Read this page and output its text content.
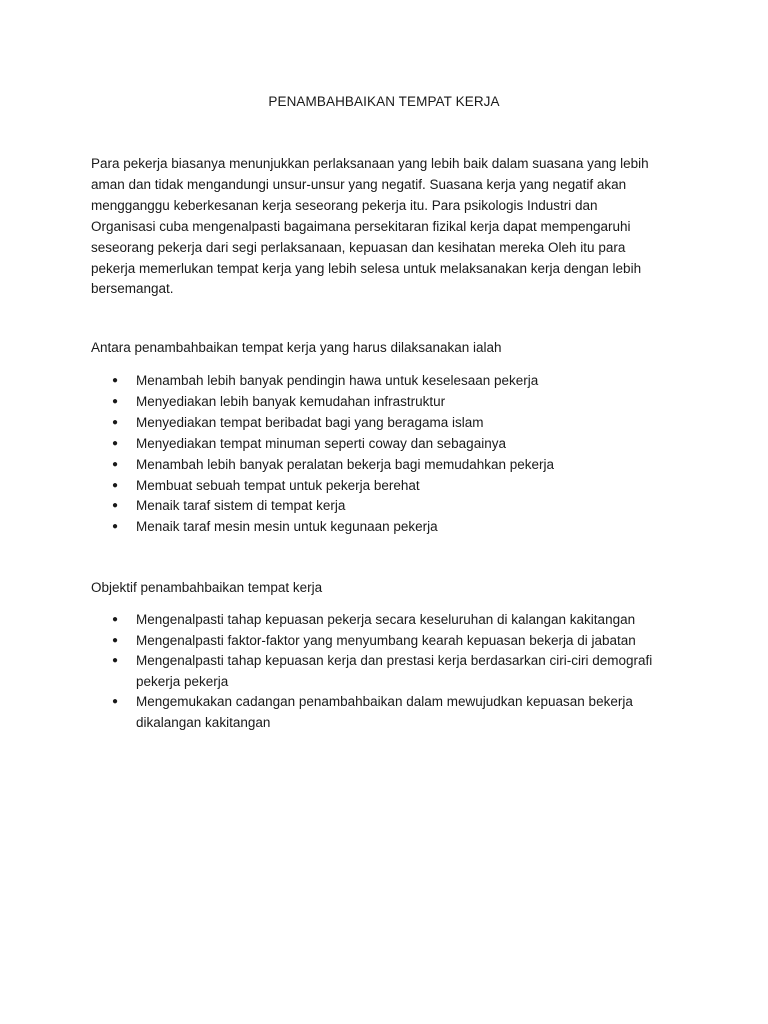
PENAMBAHBAIKAN TEMPAT KERJA

Para pekerja biasanya menunjukkan perlaksanaan yang lebih baik dalam suasana yang lebih
aman dan tidak mengandungi unsur-unsur yang negatif. Suasana kerja yang negatif akan
mengganggu keberkesanan kerja seseorang pekerja itu. Para psikologis Industri dan
Organisasi cuba mengenalpasti bagaimana persekitaran fizikal kerja dapat mempengaruhi
seseorang pekerja dari segi perlaksanaan, kepuasan dan kesihatan mereka Oleh itu para
pekerja memerlukan tempat kerja yang lebih selesa untuk melaksanakan kerja dengan lebih
bersemangat.

Antara penambahbaikan tempat kerja yang harus dilaksanakan ialah

● Menambah lebih banyak pendingin hawa untuk keselesaan pekerja
● Menyediakan lebih banyak kemudahan infrastruktur
● Menyediakan tempat beribadat bagi yang beragama islam
● Menyediakan tempat minuman seperti coway dan sebagainya
● Menambah lebih banyak peralatan bekerja bagi memudahkan pekerja
● Membuat sebuah tempat untuk pekerja berehat
● Menaik taraf sistem di tempat kerja
● Menaik taraf mesin mesin untuk kegunaan pekerja

Objektif penambahbaikan tempat kerja

● Mengenalpasti tahap kepuasan pekerja secara keseluruhan di kalangan kakitangan
● Mengenalpasti faktor-faktor yang menyumbang kearah kepuasan bekerja di jabatan
● Mengenalpasti tahap kepuasan kerja dan prestasi kerja berdasarkan ciri-ciri demografi
pekerja pekerja
● Mengemukakan cadangan penambahbaikan dalam mewujudkan kepuasan bekerja
dikalangan kakitangan
